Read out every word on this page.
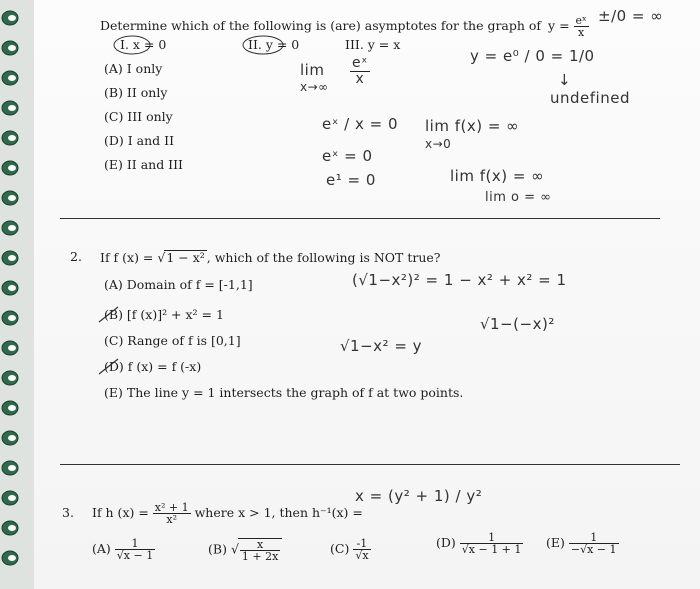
Determine which of the following is (are) asymptotes for the graph of $y = \frac{\text{eˣ}}{x}$
I. x = 0	II. y = 0	III. y = x
(A) I only
(B) II only
(C) III only
(D) I and II
(E) II and III
±/0 = ∞
lim
$x\to\infty \frac{\text{eˣ}}{x}$	y = e⁰ / 0 = 1/0
↓
undefined
eˣ / x = 0
eˣ = 0
e¹ = 0
lim f(x) = ∞
x→0
lim f(x) = ∞
lim o = ∞
2. If f (x) = √1 − x² , which of the following is NOT true?
(A) Domain of f = [-1,1]
(B) [f (x)]² + x² = 1
(C) Range of f is [0,1]
(D) f (x) = f (-x)
(E) The line y = 1 intersects the graph of f at two points.
(√1−x²)² = 1 − x² + x² = 1
√1−(−x)²
√1−x² = y
3. If h $(x) = \frac{\text{x² + 1}}{\text{x²}}$ where x > 1, then h⁻¹(x) =
x = (y² + 1) / y²
$(A) \frac{1}{√x - 1}$	(B) √ $\frac{x}{1 + 2x}$	$(C) \frac{-1}{√x}$	$(D) \frac{1}{√x - 1 + 1} (E) \frac{1}{-√x - 1}$
